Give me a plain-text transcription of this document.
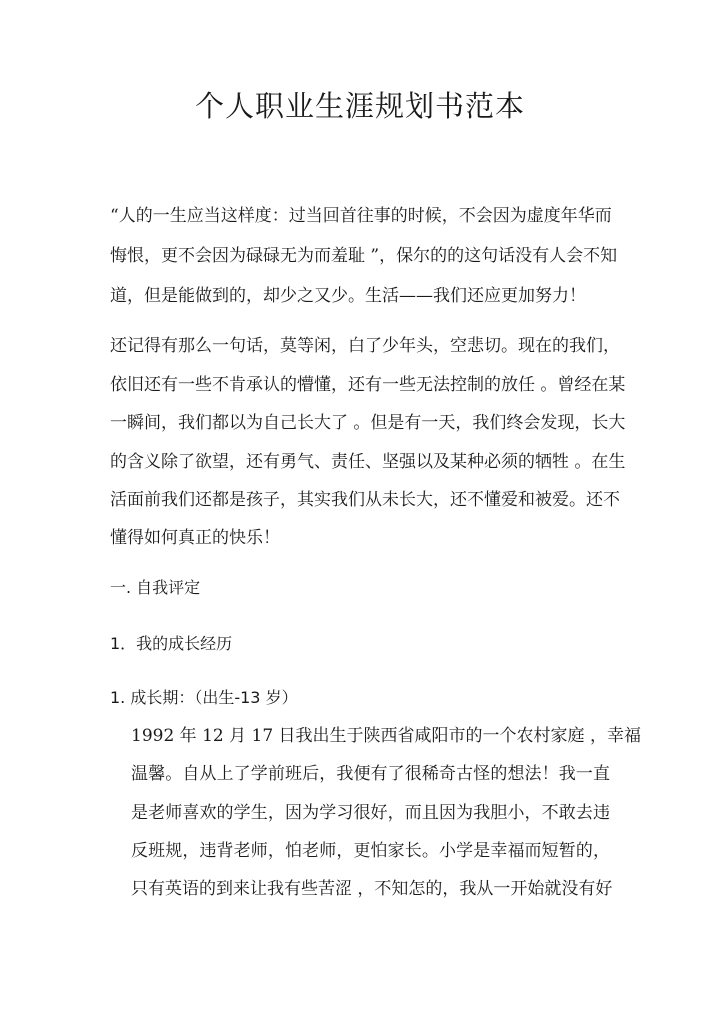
个人职业生涯规划书范本
“人的一生应当这样度：过当回首往事的时候，不会因为虚度年华而
悔恨，更不会因为碌碌无为而羞耻 ”，保尔的的这句话没有人会不知
道，但是能做到的，却少之又少。生活——我们还应更加努力！
还记得有那么一句话，莫等闲，白了少年头，空悲切。现在的我们，
依旧还有一些不肯承认的懵懂，还有一些无法控制的放任 。曾经在某
一瞬间，我们都以为自己长大了 。但是有一天，我们终会发现，长大
的含义除了欲望，还有勇气、责任、坚强以及某种必须的牺牲 。在生
活面前我们还都是孩子，其实我们从未长大，还不懂爱和被爱。还不
懂得如何真正的快乐！
一. 自我评定
1．我的成长经历
1. 成长期：（出生-13 岁）
1992 年 12 月 17 日我出生于陕西省咸阳市的一个农村家庭 ，幸福
温馨。自从上了学前班后，我便有了很稀奇古怪的想法！我一直
是老师喜欢的学生，因为学习很好，而且因为我胆小，不敢去违
反班规，违背老师，怕老师，更怕家长。小学是幸福而短暂的，
只有英语的到来让我有些苦涩 ，不知怎的，我从一开始就没有好
